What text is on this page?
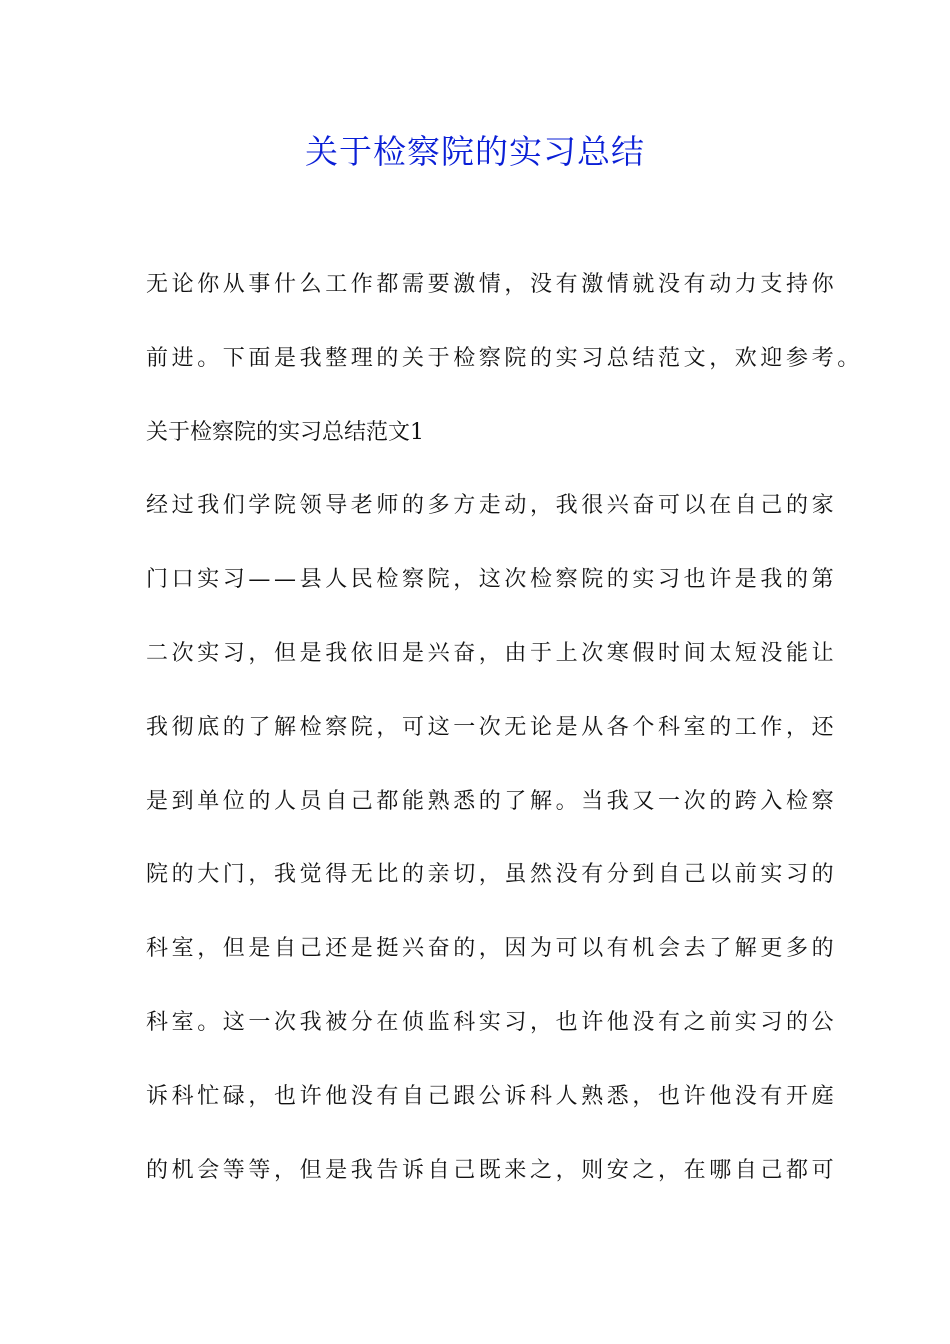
关于检察院的实习总结
无论你从事什么工作都需要激情，没有激情就没有动力支持你
前进。下面是我整理的关于检察院的实习总结范文，欢迎参考。
关于检察院的实习总结范文1
经过我们学院领导老师的多方走动，我很兴奋可以在自己的家
门口实习——县人民检察院，这次检察院的实习也许是我的第
二次实习，但是我依旧是兴奋，由于上次寒假时间太短没能让
我彻底的了解检察院，可这一次无论是从各个科室的工作，还
是到单位的人员自己都能熟悉的了解。当我又一次的跨入检察
院的大门，我觉得无比的亲切，虽然没有分到自己以前实习的
科室，但是自己还是挺兴奋的，因为可以有机会去了解更多的
科室。这一次我被分在侦监科实习，也许他没有之前实习的公
诉科忙碌，也许他没有自己跟公诉科人熟悉，也许他没有开庭
的机会等等，但是我告诉自己既来之，则安之，在哪自己都可
